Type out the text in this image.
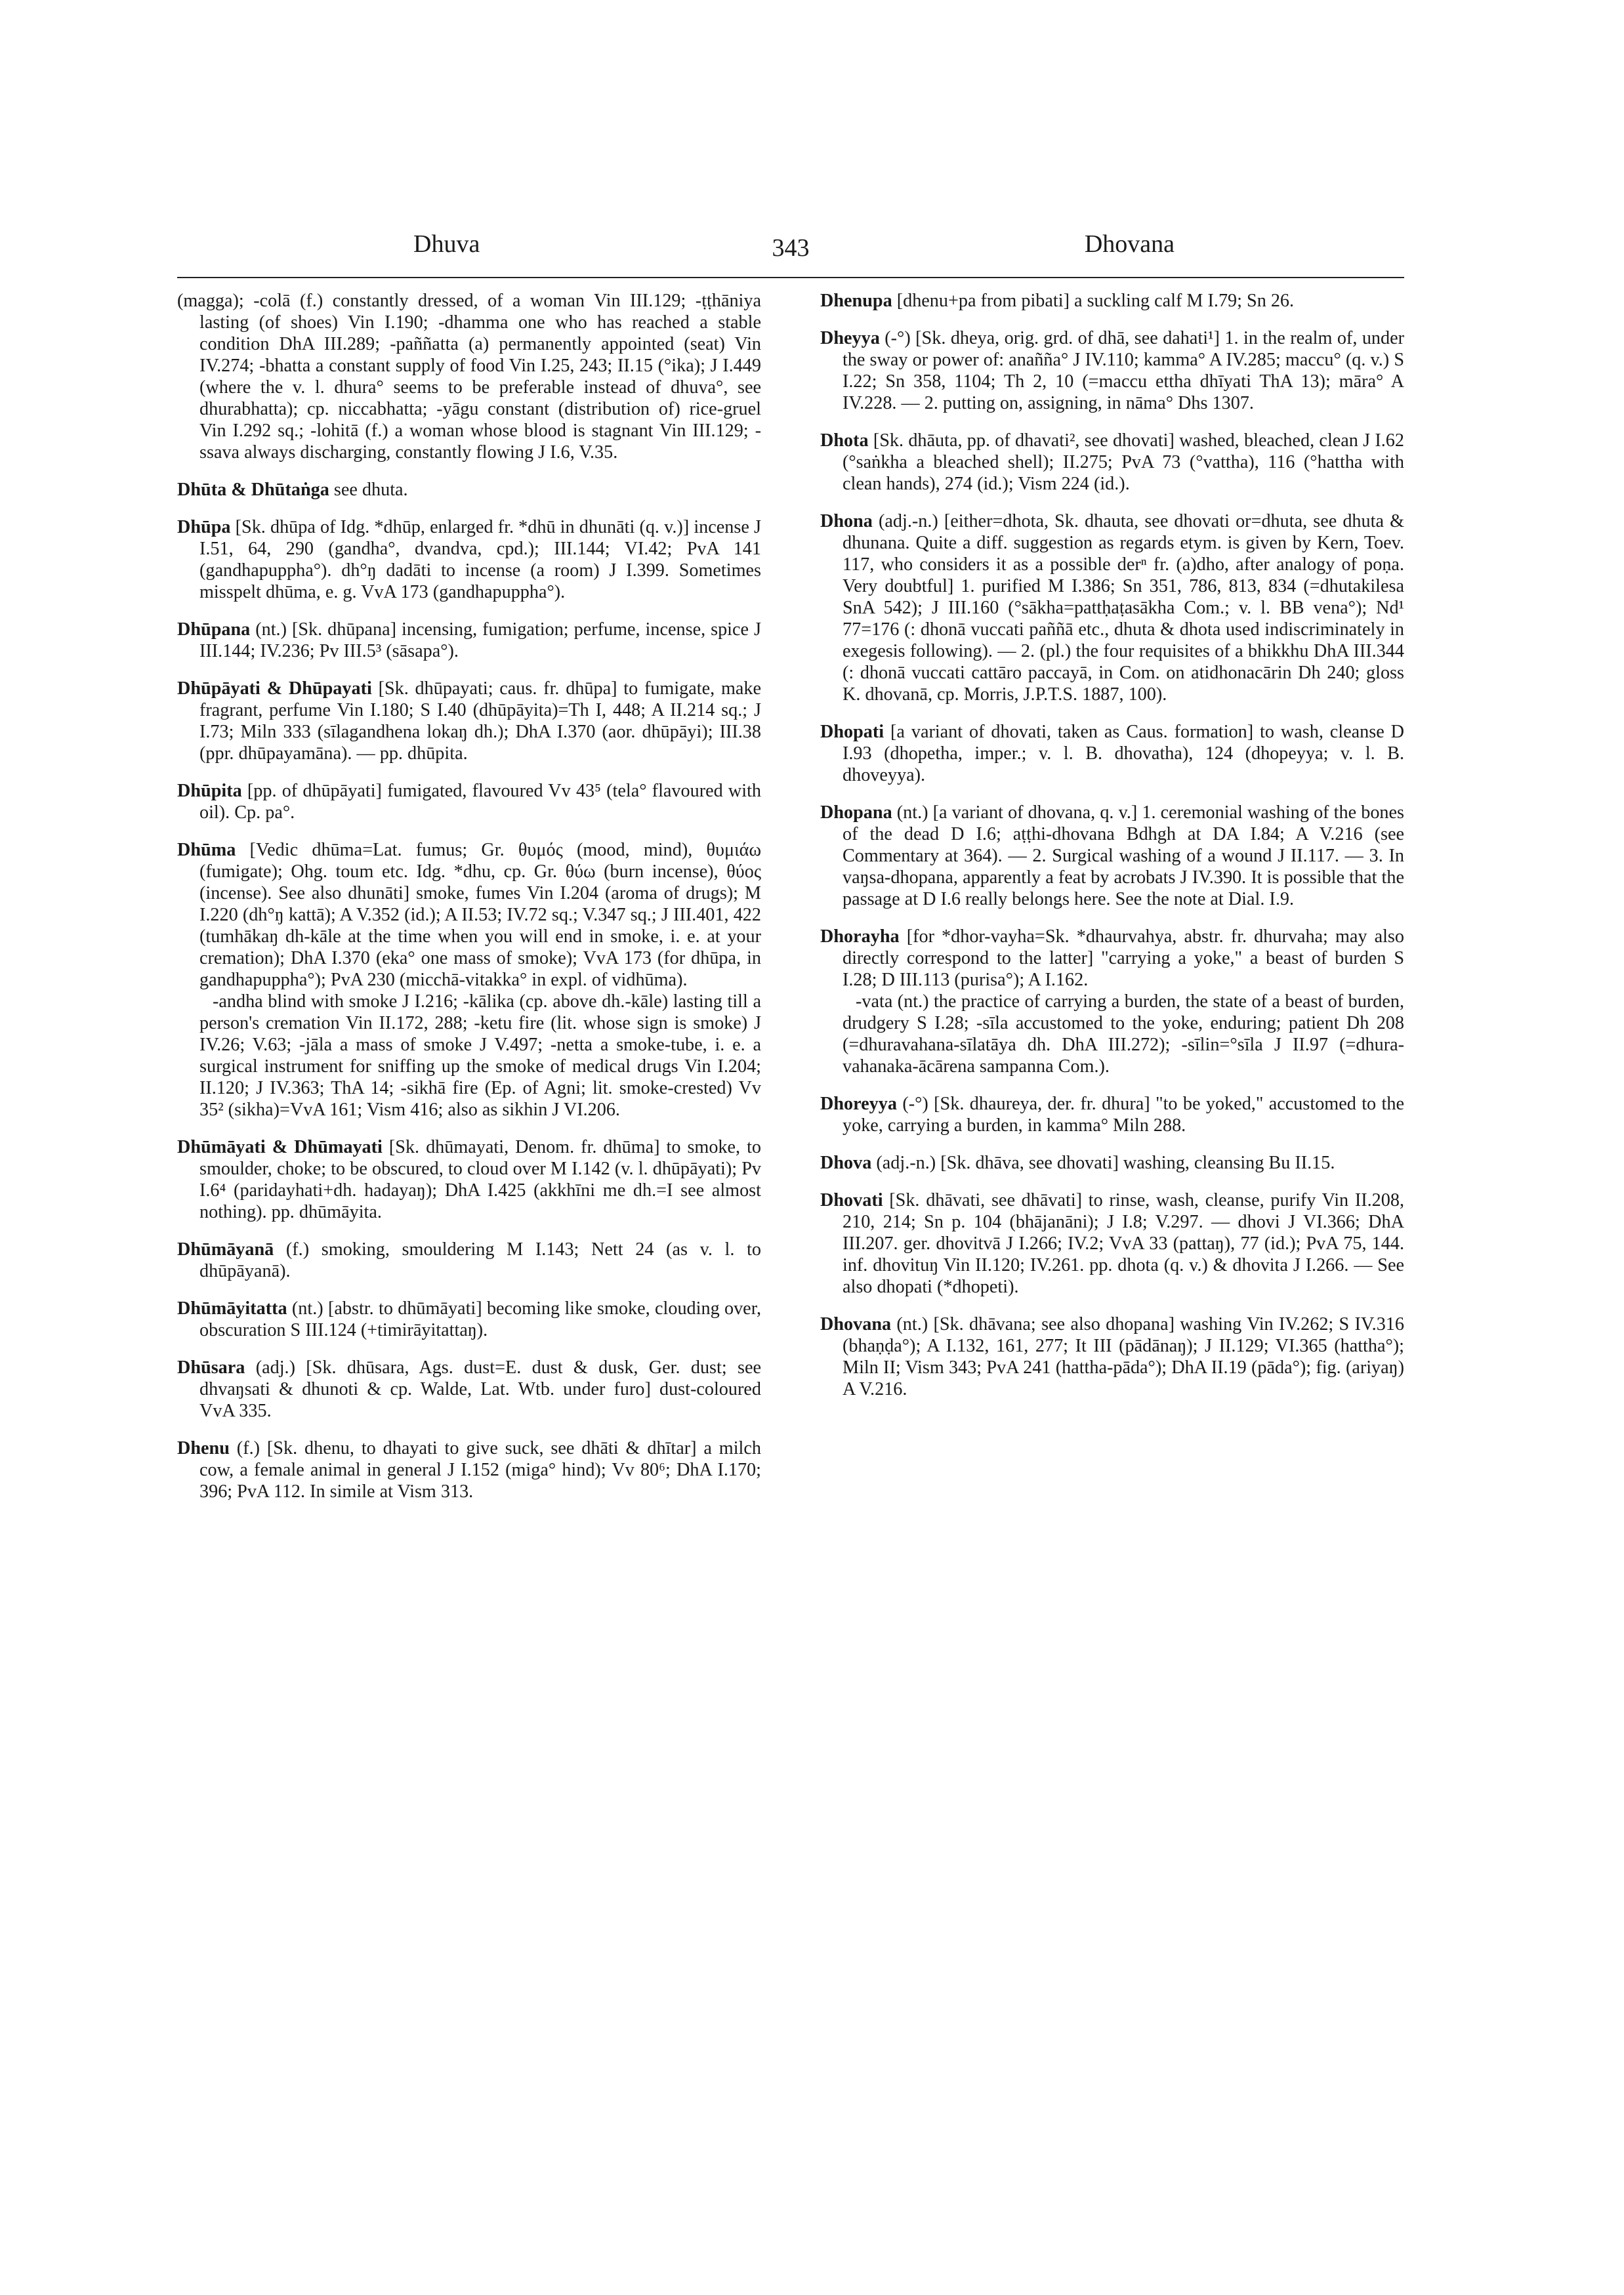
Dhuva	343	Dhovana

(magga); -colā (f.) constantly dressed, of a woman Vin III.129; -ṭṭhāniya lasting (of shoes) Vin I.190; -dhamma one who has reached a stable condition DhA III.289; -paññatta (a) permanently appointed (seat) Vin IV.274; -bhatta a constant supply of food Vin I.25, 243; II.15 (°ika); J I.449 (where the v. l. dhura° seems to be preferable instead of dhuva°, see dhurabhatta); cp. niccabhatta; -yāgu constant (distribution of) rice-gruel Vin I.292 sq.; -lohitā (f.) a woman whose blood is stagnant Vin III.129; -ssava always discharging, constantly flowing J I.6, V.35.

Dhūta & Dhūtaṅga see dhuta.

Dhūpa [Sk. dhūpa of Idg. *dhūp, enlarged fr. *dhū in dhunāti (q. v.)] incense J I.51, 64, 290 (gandha°, dvandva, cpd.); III.144; VI.42; PvA 141 (gandhapuppha°). dh°ŋ dadāti to incense (a room) J I.399. Sometimes misspelt dhūma, e. g. VvA 173 (gandhapuppha°).

Dhūpana (nt.) [Sk. dhūpana] incensing, fumigation; perfume, incense, spice J III.144; IV.236; Pv III.5³ (sāsapa°).

Dhūpāyati & Dhūpayati [Sk. dhūpayati; caus. fr. dhūpa] to fumigate, make fragrant, perfume Vin I.180; S I.40 (dhūpāyita)=Th I, 448; A II.214 sq.; J I.73; Miln 333 (sīlagandhena lokaŋ dh.); DhA I.370 (aor. dhūpāyi); III.38 (ppr. dhūpayamāna). — pp. dhūpita.

Dhūpita [pp. of dhūpāyati] fumigated, flavoured Vv 43⁵ (tela° flavoured with oil). Cp. pa°.

Dhūma [Vedic dhūma=Lat. fumus; Gr. θυμός (mood, mind), θυμιάω (fumigate); Ohg. toum etc. Idg. *dhu, cp. Gr. θύω (burn incense), θύος (incense). See also dhunāti] smoke, fumes Vin I.204 (aroma of drugs); M I.220 (dh°ŋ kattā); A V.352 (id.); A II.53; IV.72 sq.; V.347 sq.; J III.401, 422 (tumhākaŋ dh-kāle at the time when you will end in smoke, i. e. at your cremation); DhA I.370 (eka° one mass of smoke); VvA 173 (for dhūpa, in gandhapuppha°); PvA 230 (micchā-vitakka° in expl. of vidhūma).
-andha blind with smoke J I.216; -kālika (cp. above dh.-kāle) lasting till a person's cremation Vin II.172, 288; -ketu fire (lit. whose sign is smoke) J IV.26; V.63; -jāla a mass of smoke J V.497; -netta a smoke-tube, i. e. a surgical instrument for sniffing up the smoke of medical drugs Vin I.204; II.120; J IV.363; ThA 14; -sikhā fire (Ep. of Agni; lit. smoke-crested) Vv 35² (sikha)=VvA 161; Vism 416; also as sikhin J VI.206.

Dhūmāyati & Dhūmayati [Sk. dhūmayati, Denom. fr. dhūma] to smoke, to smoulder, choke; to be obscured, to cloud over M I.142 (v. l. dhūpāyati); Pv I.6⁴ (paridayhati+dh. hadayaŋ); DhA I.425 (akkhīni me dh.=I see almost nothing). pp. dhūmāyita.

Dhūmāyanā (f.) smoking, smouldering M I.143; Nett 24 (as v. l. to dhūpāyanā).

Dhūmāyitatta (nt.) [abstr. to dhūmāyati] becoming like smoke, clouding over, obscuration S III.124 (+timirāyitattaŋ).

Dhūsara (adj.) [Sk. dhūsara, Ags. dust=E. dust & dusk, Ger. dust; see dhvaŋsati & dhunoti & cp. Walde, Lat. Wtb. under furo] dust-coloured VvA 335.

Dhenu (f.) [Sk. dhenu, to dhayati to give suck, see dhāti & dhītar] a milch cow, a female animal in general J I.152 (miga° hind); Vv 80⁶; DhA I.170; 396; PvA 112. In simile at Vism 313.

Dhenupa [dhenu+pa from pibati] a suckling calf M I.79; Sn 26.

Dheyya (-°) [Sk. dheya, orig. grd. of dhā, see dahati¹] 1. in the realm of, under the sway or power of: anañña° J IV.110; kamma° A IV.285; maccu° (q. v.) S I.22; Sn 358, 1104; Th 2, 10 (=maccu ettha dhīyati ThA 13); māra° A IV.228. — 2. putting on, assigning, in nāma° Dhs 1307.

Dhota [Sk. dhāuta, pp. of dhavati², see dhovati] washed, bleached, clean J I.62 (°saṅkha a bleached shell); II.275; PvA 73 (°vattha), 116 (°hattha with clean hands), 274 (id.); Vism 224 (id.).

Dhona (adj.-n.) [either=dhota, Sk. dhauta, see dhovati or=dhuta, see dhuta & dhunana. Quite a diff. suggestion as regards etym. is given by Kern, Toev. 117, who considers it as a possible derⁿ fr. (a)dho, after analogy of poṇa. Very doubtful] 1. purified M I.386; Sn 351, 786, 813, 834 (=dhutakilesa SnA 542); J III.160 (°sākha=pattḥaṭasākha Com.; v. l. BB vena°); Nd¹ 77=176 (: dhonā vuccati paññā etc., dhuta & dhota used indiscriminately in exegesis following). — 2. (pl.) the four requisites of a bhikkhu DhA III.344 (: dhonā vuccati cattāro paccayā, in Com. on atidhonacārin Dh 240; gloss K. dhovanā, cp. Morris, J.P.T.S. 1887, 100).

Dhopati [a variant of dhovati, taken as Caus. formation] to wash, cleanse D I.93 (dhopetha, imper.; v. l. B. dhovatha), 124 (dhopeyya; v. l. B. dhoveyya).

Dhopana (nt.) [a variant of dhovana, q. v.] 1. ceremonial washing of the bones of the dead D I.6; aṭṭhi-dhovana Bdhgh at DA I.84; A V.216 (see Commentary at 364). — 2. Surgical washing of a wound J II.117. — 3. In vaŋsa-dhopana, apparently a feat by acrobats J IV.390. It is possible that the passage at D I.6 really belongs here. See the note at Dial. I.9.

Dhorayha [for *dhor-vayha=Sk. *dhaurvahya, abstr. fr. dhurvaha; may also directly correspond to the latter] "carrying a yoke," a beast of burden S I.28; D III.113 (purisa°); A I.162.
-vata (nt.) the practice of carrying a burden, the state of a beast of burden, drudgery S I.28; -sīla accustomed to the yoke, enduring; patient Dh 208 (=dhuravahana-sīlatāya dh. DhA III.272); -sīlin=°sīla J II.97 (=dhura-vahanaka-ācārena sampanna Com.).

Dhoreyya (-°) [Sk. dhaureya, der. fr. dhura] "to be yoked," accustomed to the yoke, carrying a burden, in kamma° Miln 288.

Dhova (adj.-n.) [Sk. dhāva, see dhovati] washing, cleansing Bu II.15.

Dhovati [Sk. dhāvati, see dhāvati] to rinse, wash, cleanse, purify Vin II.208, 210, 214; Sn p. 104 (bhājanāni); J I.8; V.297. — dhovi J VI.366; DhA III.207. ger. dhovitvā J I.266; IV.2; VvA 33 (pattaŋ), 77 (id.); PvA 75, 144. inf. dhovituŋ Vin II.120; IV.261. pp. dhota (q. v.) & dhovita J I.266. — See also dhopati (*dhopeti).

Dhovana (nt.) [Sk. dhāvana; see also dhopana] washing Vin IV.262; S IV.316 (bhaṇḍa°); A I.132, 161, 277; It III (pādānaŋ); J II.129; VI.365 (hattha°); Miln II; Vism 343; PvA 241 (hattha-pāda°); DhA II.19 (pāda°); fig. (ariyaŋ) A V.216.
